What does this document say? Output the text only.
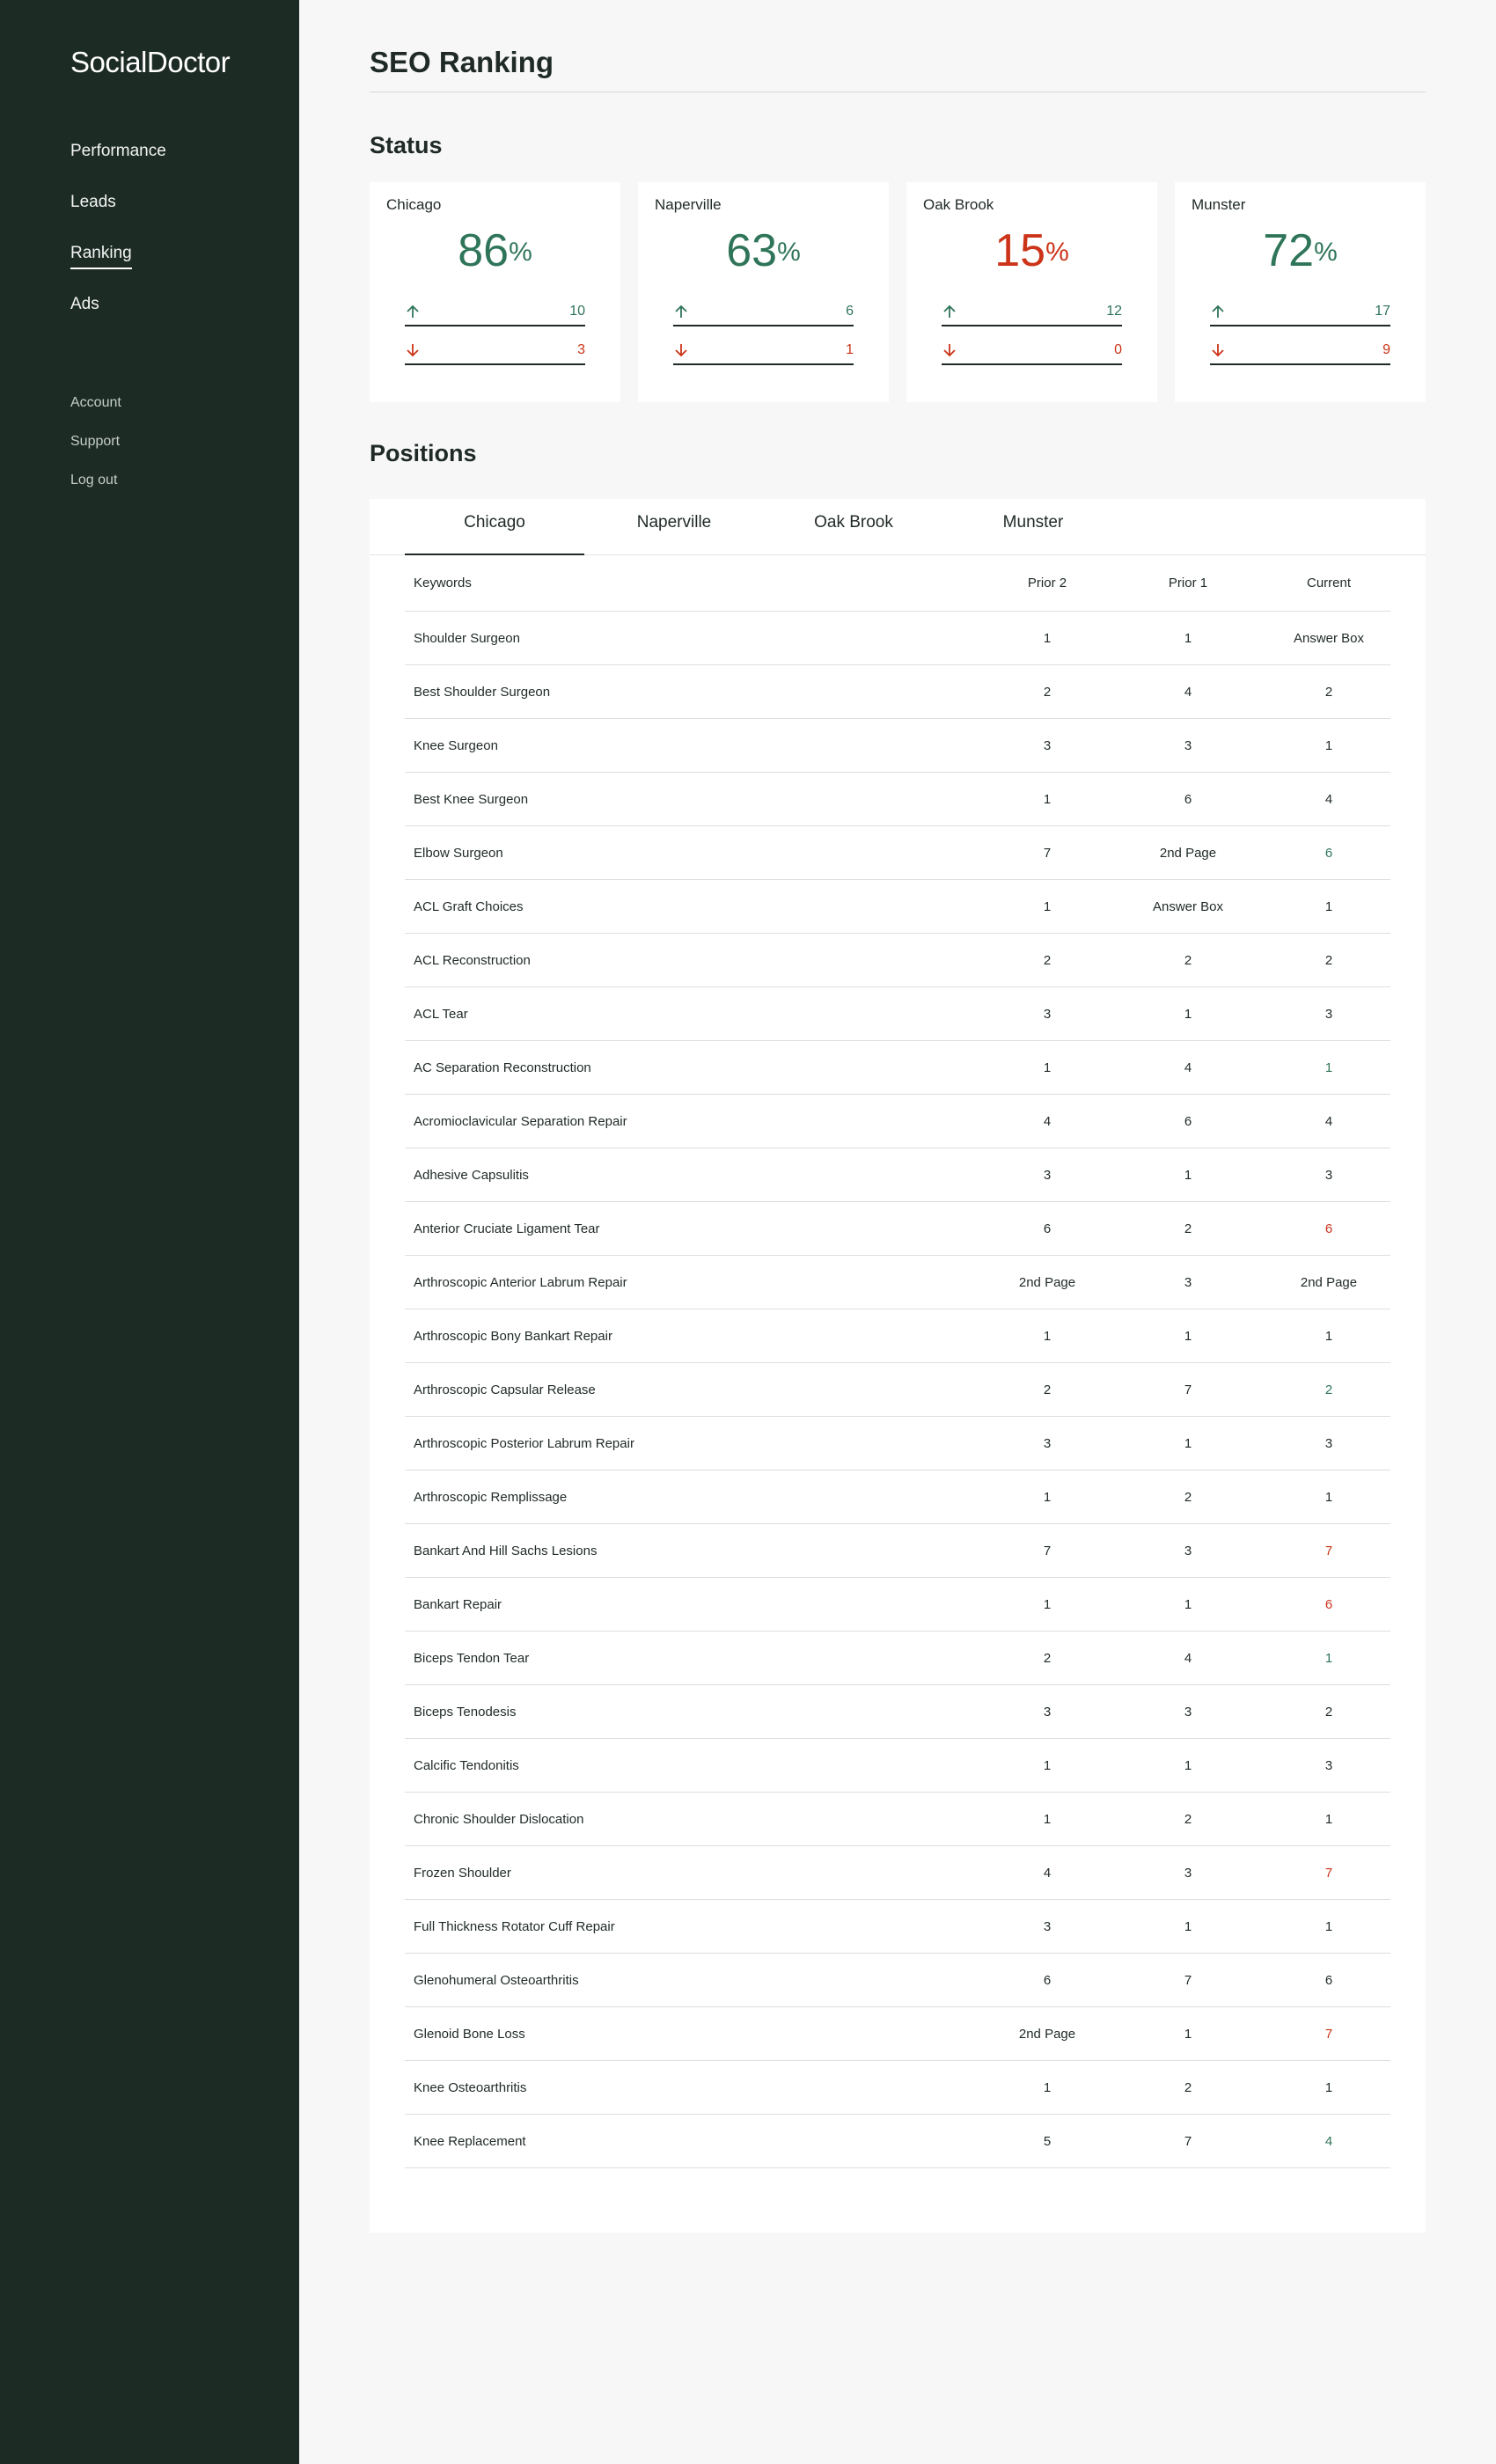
SocialDoctor
Performance
Leads
Ranking
Ads
Account
Support
Log out
SEO Ranking
Status
Chicago
86%
10
3
Naperville
63%
6
1
Oak Brook
15%
12
0
Munster
72%
17
9
Positions
Chicago	Naperville	Oak Brook	Munster
Keywords	Prior 2	Prior 1	Current
Shoulder Surgeon	1	1	Answer Box
Best Shoulder Surgeon	2	4	2
Knee Surgeon	3	3	1
Best Knee Surgeon	1	6	4
Elbow Surgeon	7	2nd Page	6
ACL Graft Choices	1	Answer Box	1
ACL Reconstruction	2	2	2
ACL Tear	3	1	3
AC Separation Reconstruction	1	4	1
Acromioclavicular Separation Repair	4	6	4
Adhesive Capsulitis	3	1	3
Anterior Cruciate Ligament Tear	6	2	6
Arthroscopic Anterior Labrum Repair	2nd Page	3	2nd Page
Arthroscopic Bony Bankart Repair	1	1	1
Arthroscopic Capsular Release	2	7	2
Arthroscopic Posterior Labrum Repair	3	1	3
Arthroscopic Remplissage	1	2	1
Bankart And Hill Sachs Lesions	7	3	7
Bankart Repair	1	1	6
Biceps Tendon Tear	2	4	1
Biceps Tenodesis	3	3	2
Calcific Tendonitis	1	1	3
Chronic Shoulder Dislocation	1	2	1
Frozen Shoulder	4	3	7
Full Thickness Rotator Cuff Repair	3	1	1
Glenohumeral Osteoarthritis	6	7	6
Glenoid Bone Loss	2nd Page	1	7
Knee Osteoarthritis	1	2	1
Knee Replacement	5	7	4
